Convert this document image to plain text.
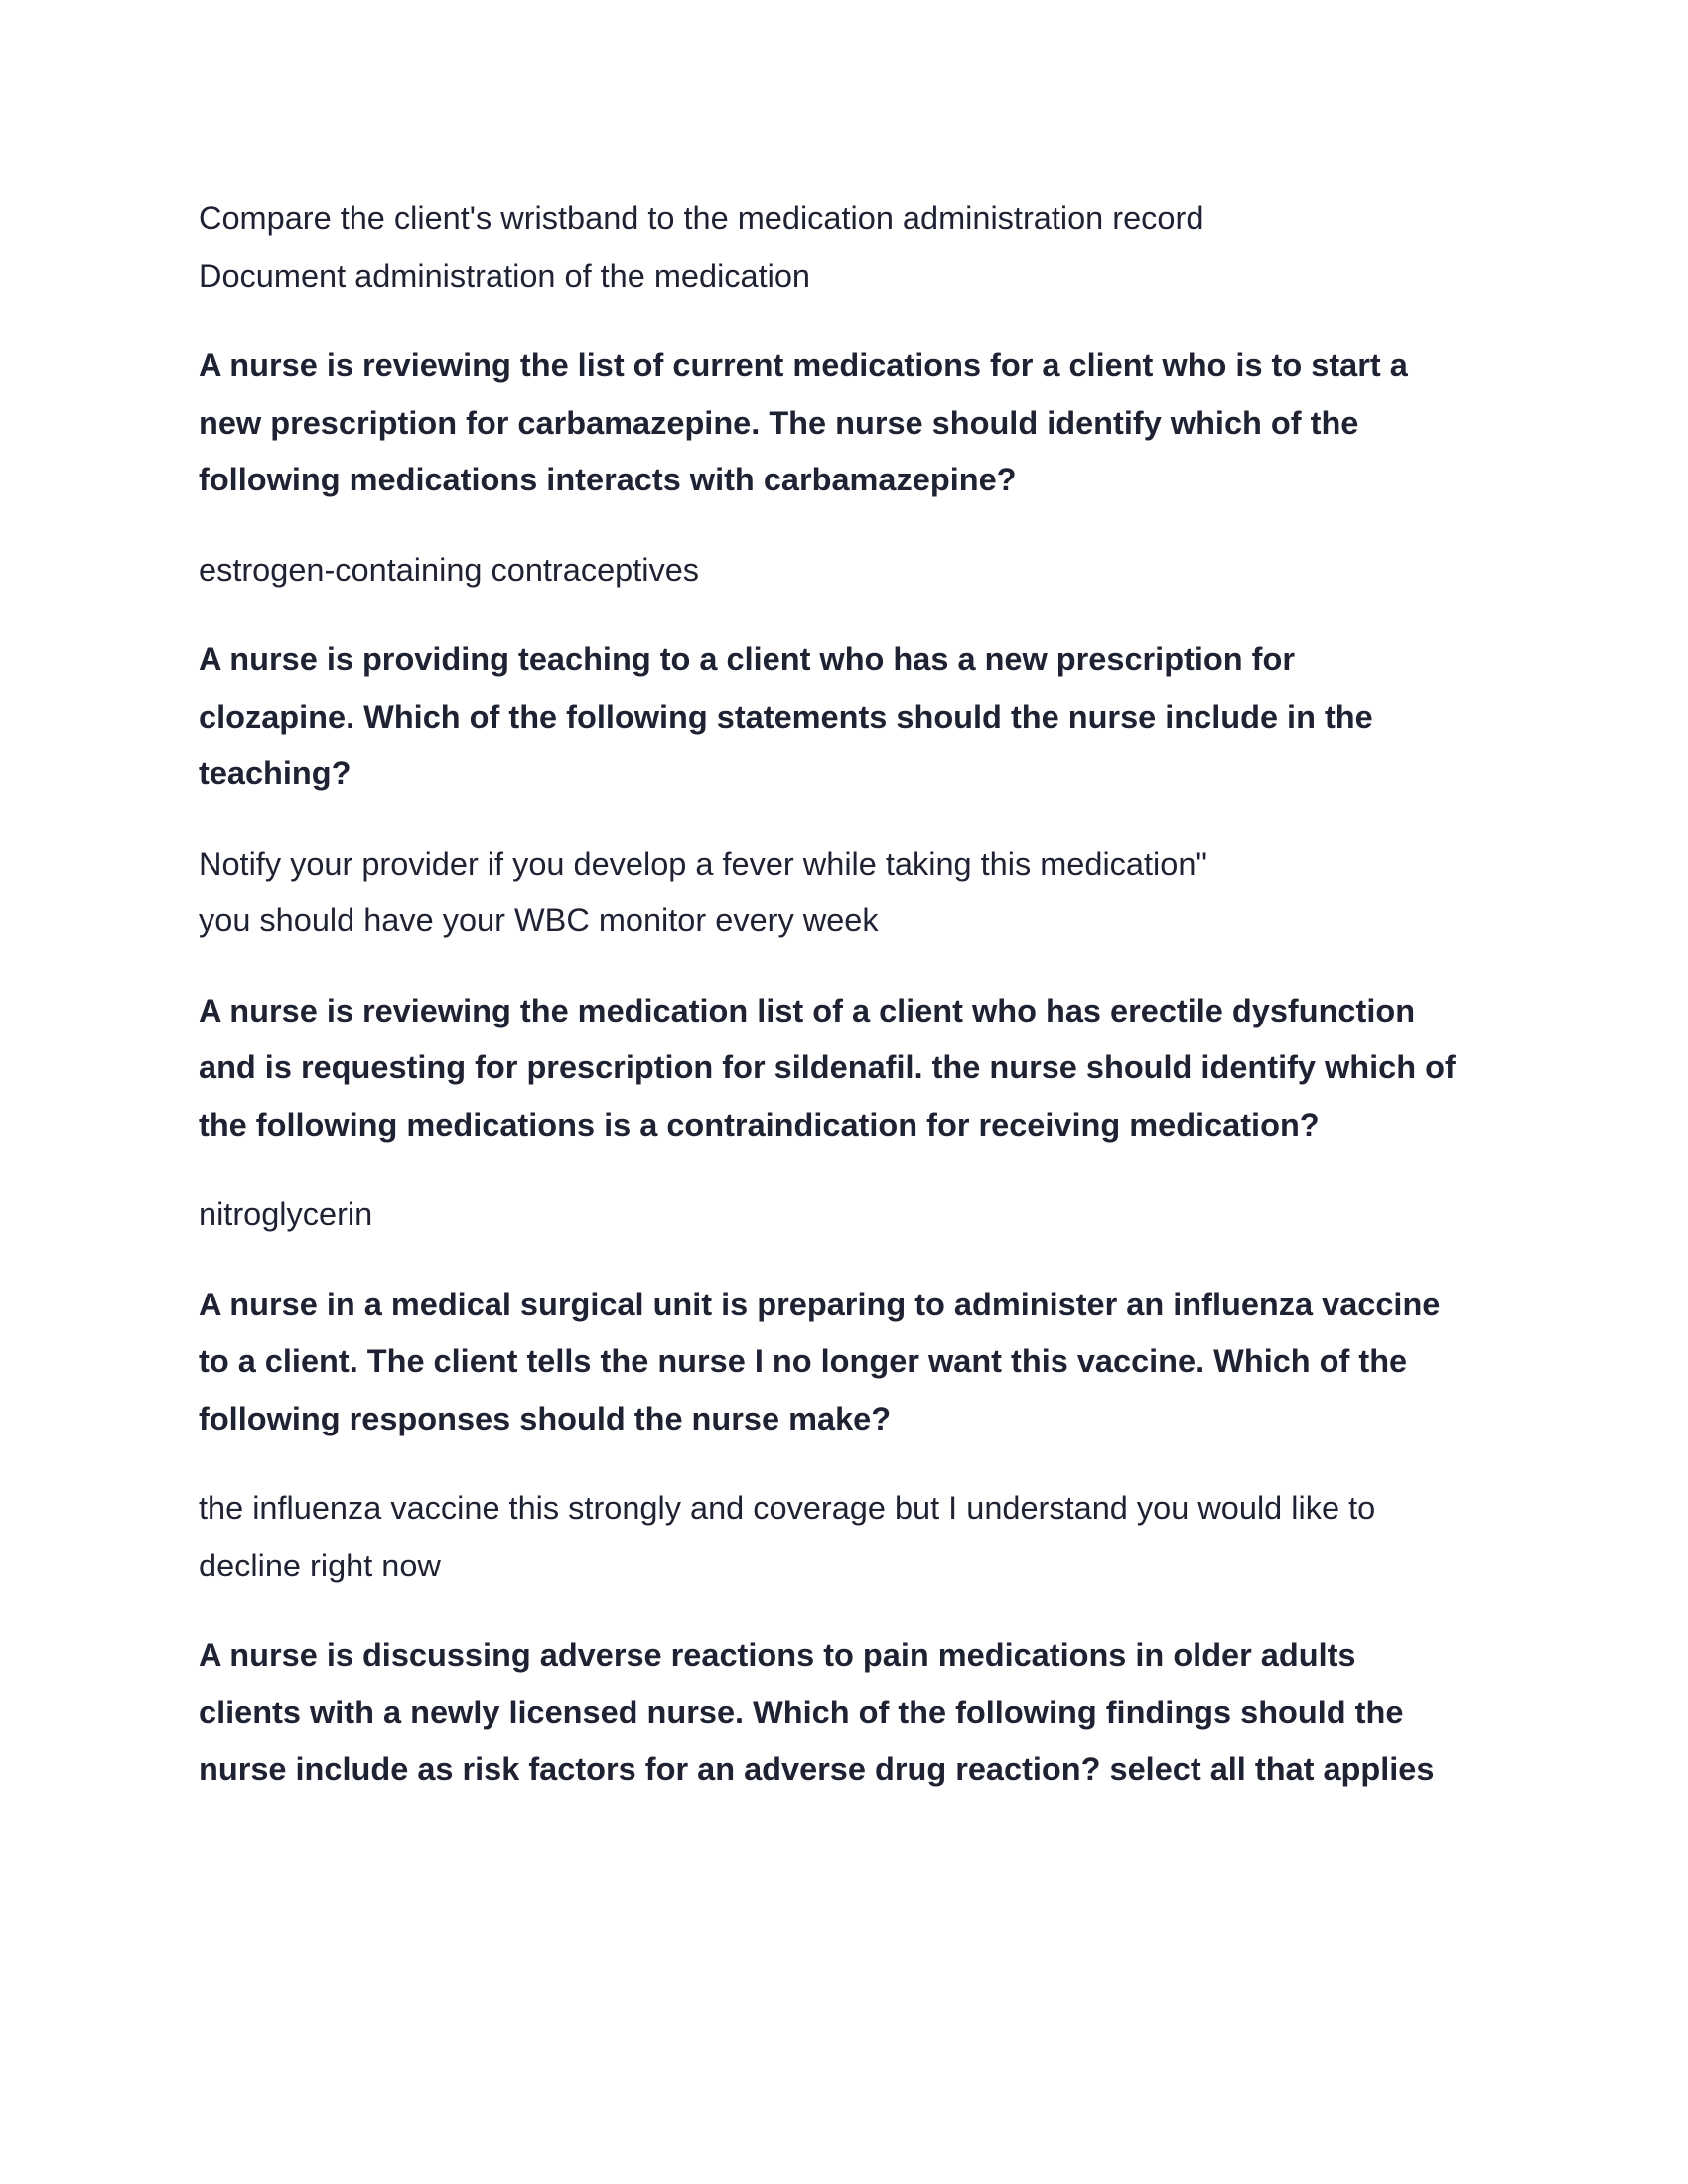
Compare the client's wristband to the medication administration record

Document administration of the medication

A nurse is reviewing the list of current medications for a client who is to start a

new prescription for carbamazepine. The nurse should identify which of the

following medications interacts with carbamazepine?

estrogen-containing contraceptives

A nurse is providing teaching to a client who has a new prescription for

clozapine. Which of the following statements should the nurse include in the

teaching?

Notify your provider if you develop a fever while taking this medication"

you should have your WBC monitor every week

A nurse is reviewing the medication list of a client who has erectile dysfunction

and is requesting for prescription for sildenafil. the nurse should identify which of

the following medications is a contraindication for receiving medication?

nitroglycerin

A nurse in a medical surgical unit is preparing to administer an influenza vaccine

to a client. The client tells the nurse I no longer want this vaccine. Which of the

following responses should the nurse make?

the influenza vaccine this strongly and coverage but I understand you would like to

decline right now

A nurse is discussing adverse reactions to pain medications in older adults

clients with a newly licensed nurse. Which of the following findings should the

nurse include as risk factors for an adverse drug reaction? select all that applies
